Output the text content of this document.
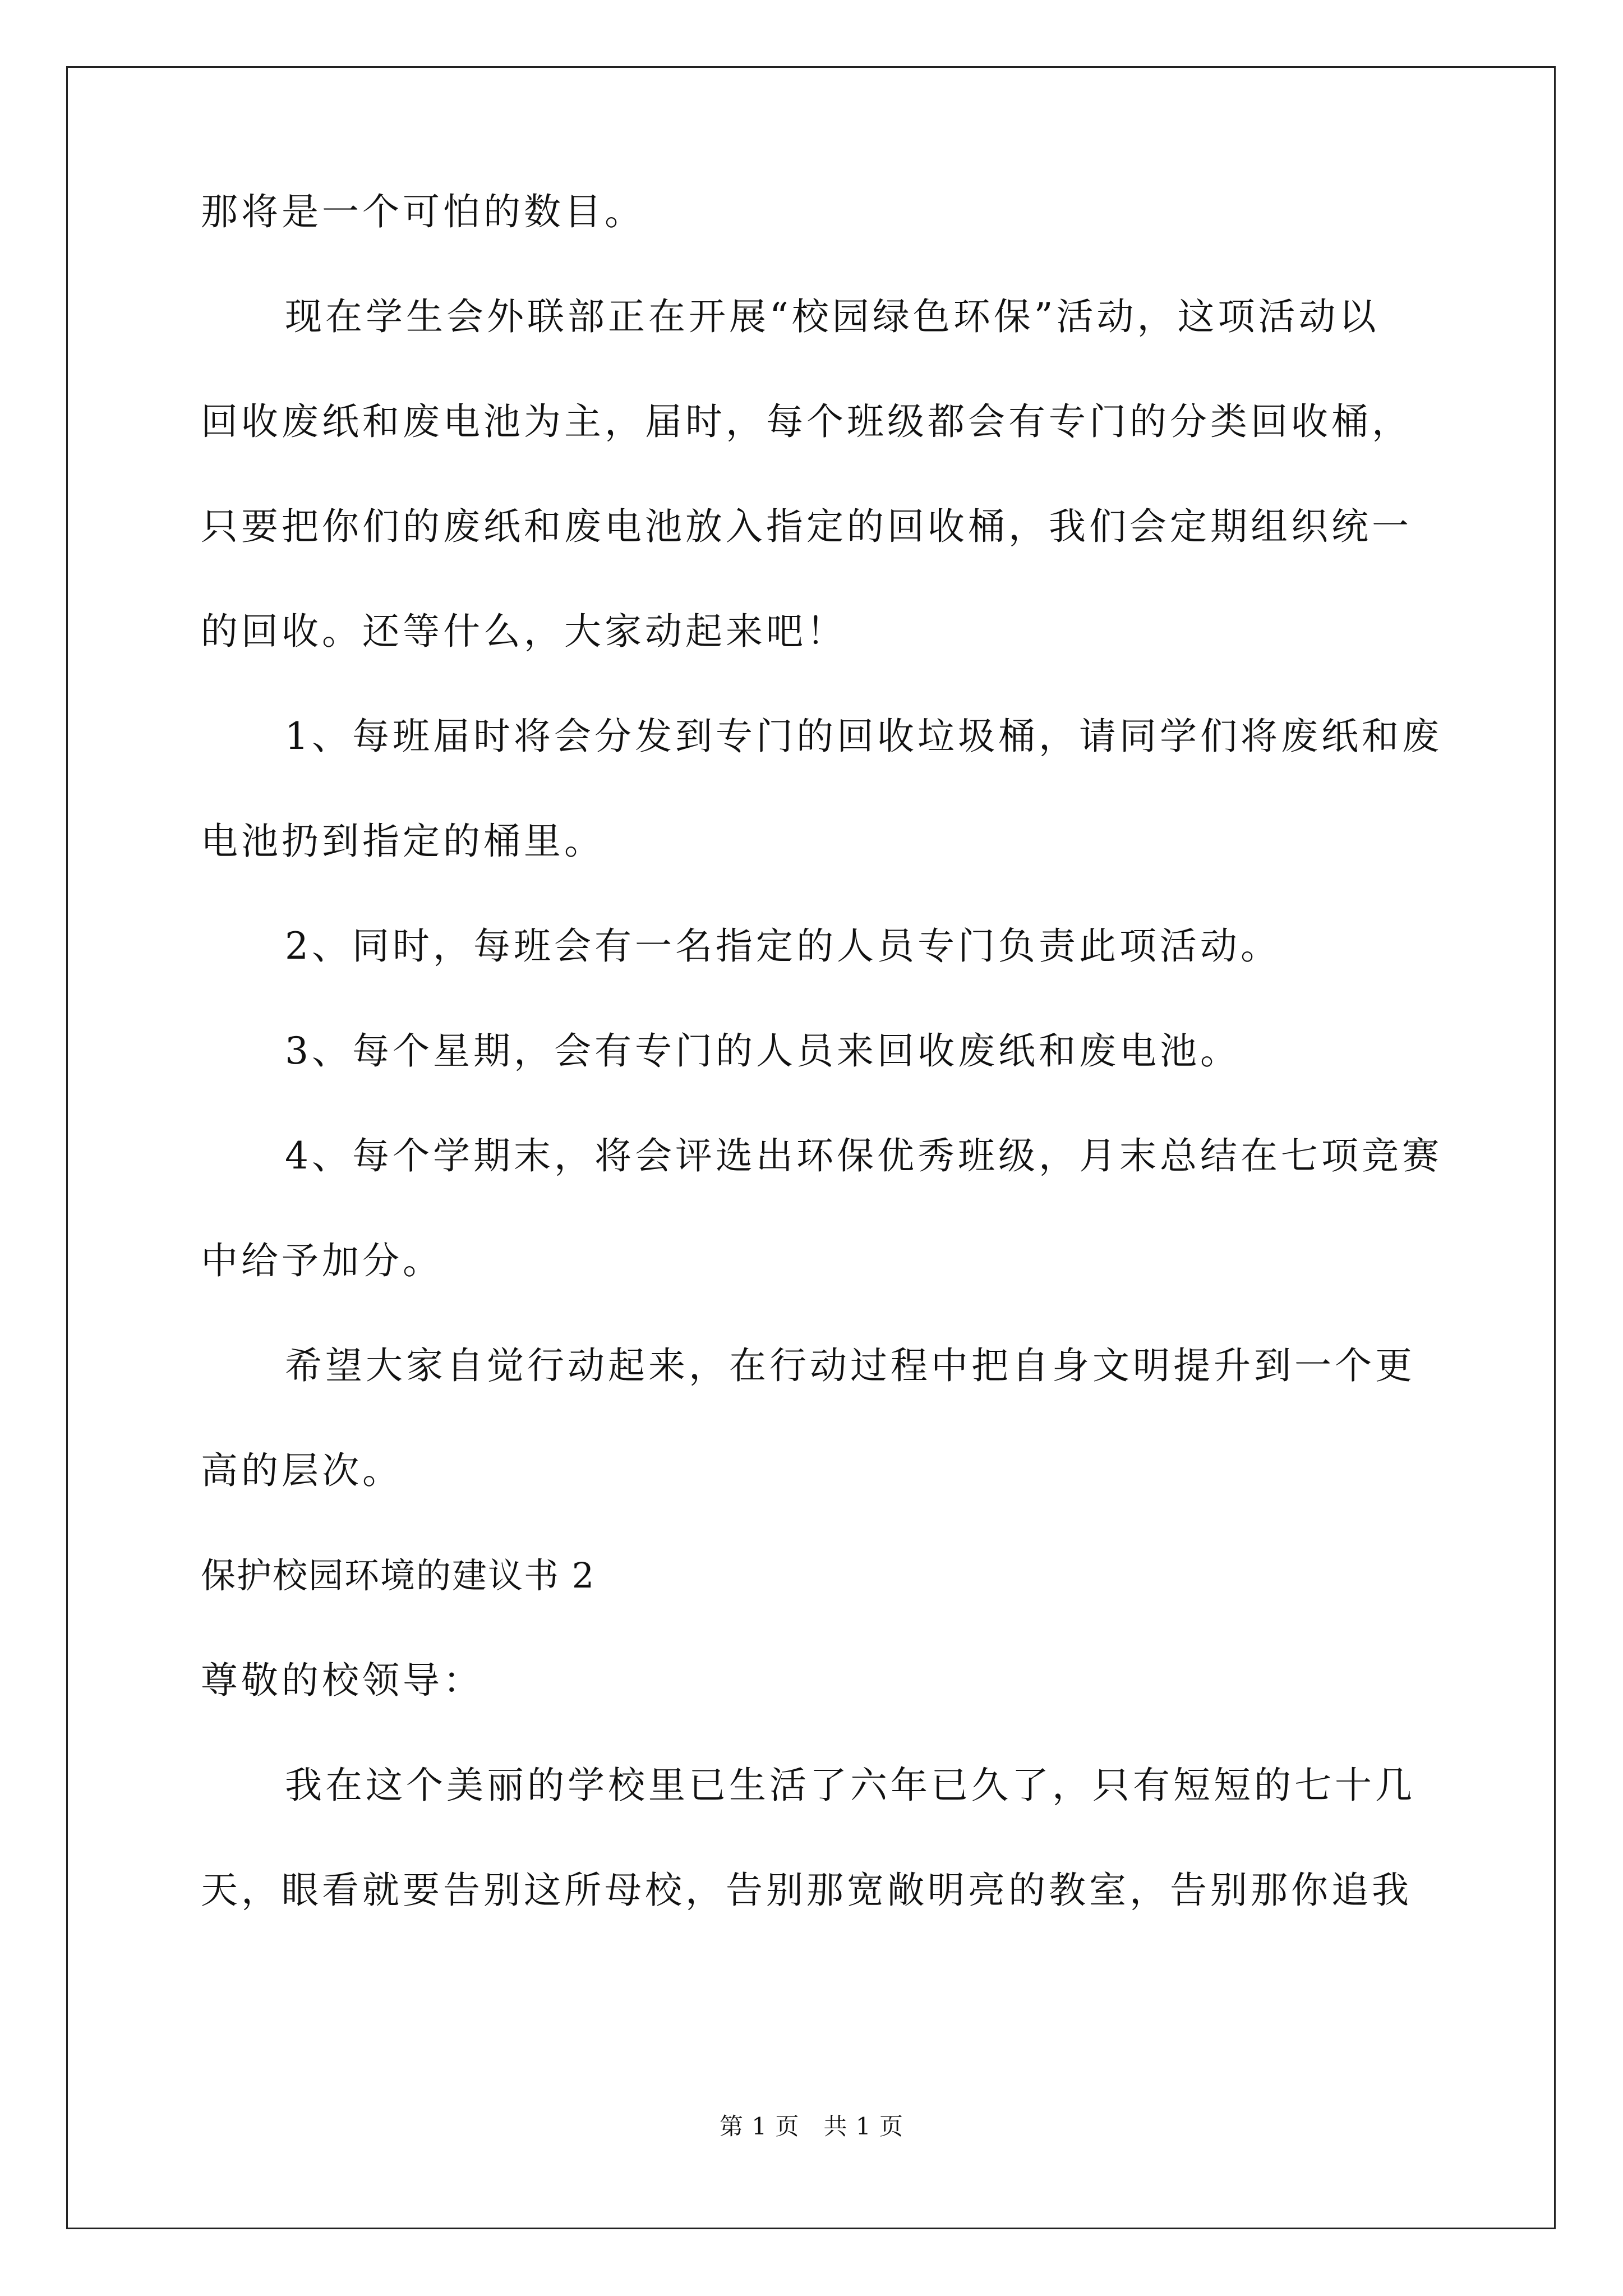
那将是一个可怕的数目。

现在学生会外联部正在开展“校园绿色环保”活动，这项活动以

回收废纸和废电池为主，届时，每个班级都会有专门的分类回收桶，

只要把你们的废纸和废电池放入指定的回收桶，我们会定期组织统一

的回收。还等什么，大家动起来吧！

1、每班届时将会分发到专门的回收垃圾桶，请同学们将废纸和废

电池扔到指定的桶里。

2、同时，每班会有一名指定的人员专门负责此项活动。

3、每个星期，会有专门的人员来回收废纸和废电池。

4、每个学期末，将会评选出环保优秀班级，月末总结在七项竞赛

中给予加分。

希望大家自觉行动起来，在行动过程中把自身文明提升到一个更

高的层次。

保护校园环境的建议书 2

尊敬的校领导：

我在这个美丽的学校里已生活了六年已久了，只有短短的七十几

天，眼看就要告别这所母校，告别那宽敞明亮的教室，告别那你追我

第 1 页   共 1 页
